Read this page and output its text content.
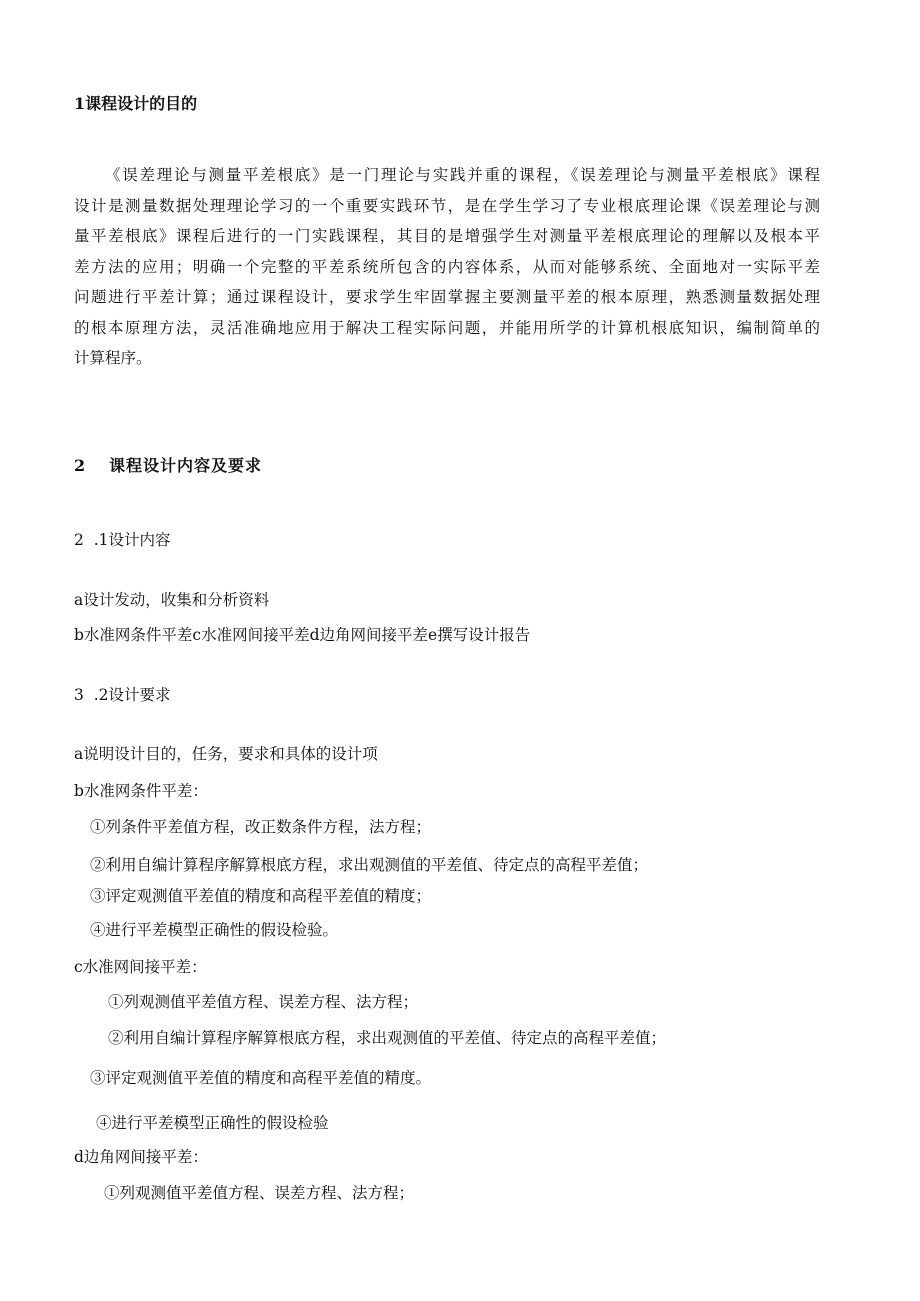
1课程设计的目的
《误差理论与测量平差根底》是一门理论与实践并重的课程，《误差理论与测量平差根底》课程
设计是测量数据处理理论学习的一个重要实践环节，是在学生学习了专业根底理论课《误差理论与测
量平差根底》课程后进行的一门实践课程，其目的是增强学生对测量平差根底理论的理解以及根本平
差方法的应用；明确一个完整的平差系统所包含的内容体系，从而对能够系统、全面地对一实际平差
问题进行平差计算；通过课程设计，要求学生牢固掌握主要测量平差的根本原理，熟悉测量数据处理
的根本原理方法，灵活准确地应用于解决工程实际问题，并能用所学的计算机根底知识，编制简单的
计算程序。
2 课程设计内容及要求
2  .1设计内容
a设计发动，收集和分析资料
b水准网条件平差c水准网间接平差d边角网间接平差e撰写设计报告
3  .2设计要求
a说明设计目的，任务，要求和具体的设计项
b水准网条件平差：
①列条件平差值方程，改正数条件方程，法方程；
②利用自编计算程序解算根底方程，求出观测值的平差值、待定点的高程平差值；
③评定观测值平差值的精度和高程平差值的精度；
④进行平差模型正确性的假设检验。
c水准网间接平差：
①列观测值平差值方程、误差方程、法方程；
②利用自编计算程序解算根底方程，求出观测值的平差值、待定点的高程平差值；
③评定观测值平差值的精度和高程平差值的精度。
④进行平差模型正确性的假设检验
d边角网间接平差：
①列观测值平差值方程、误差方程、法方程；
